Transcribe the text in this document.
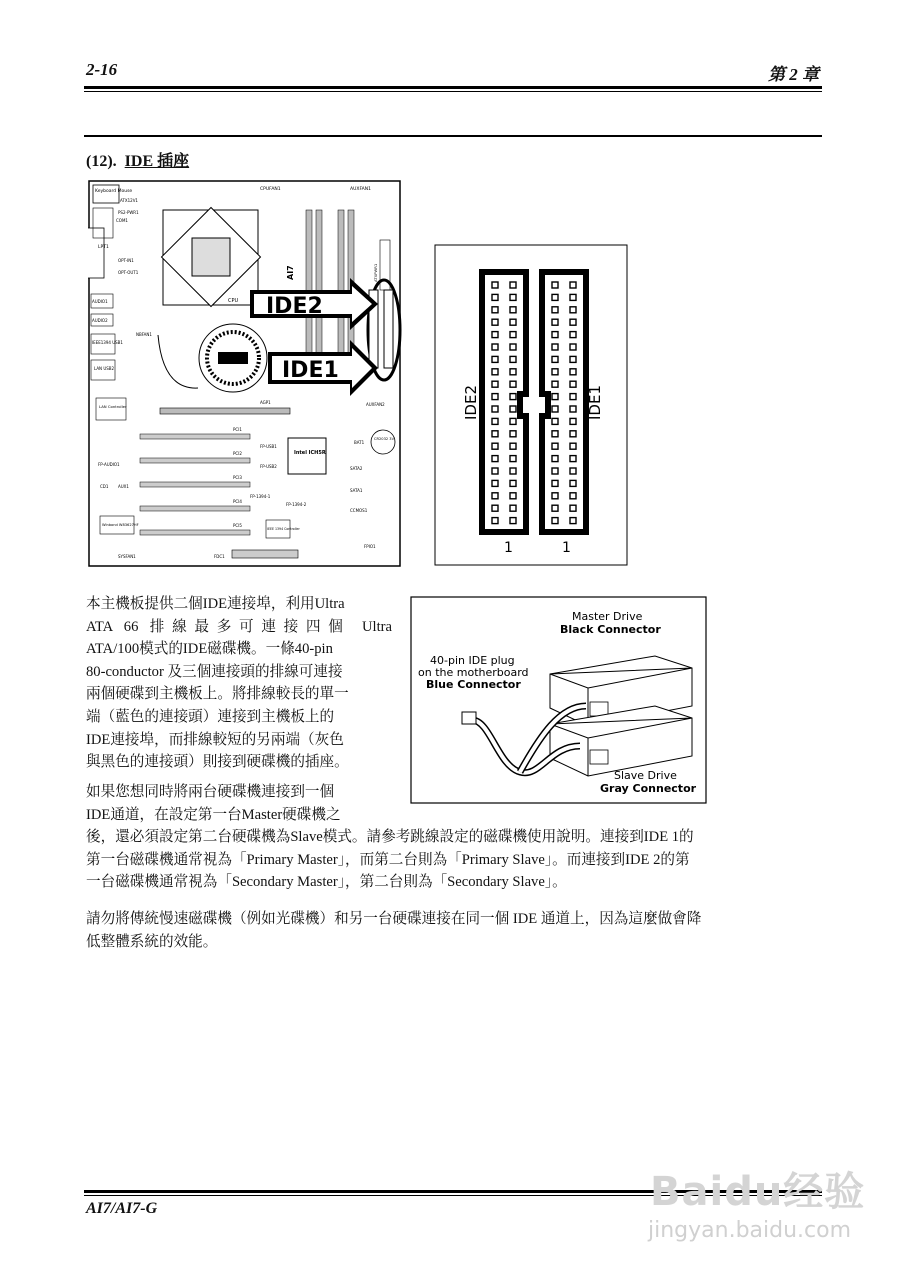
2-16	第 2 章
(12). IDE 插座
Keyboard Mouse
COM1
LPT1
OPT-IN1
OPT-OUT1
ATX12V1
PS2-PWR1
AUDIO1
AUDIO2
IEEE1394 USB1
LAN USB2
CPU
CPUFAN1	AUXFAN1
AI7	ATXPWR1
NBFAN1
IDE2
IDE1
AGP1	AUXFAN2
LAN Controller
PCI1
PCI2
PCI3
PCI4
PCI5
Intel ICH5R
FP-USB1
FP-USB2
CR2032 3V
BAT1
SATA2
SATA1
FP-AUDIO1
CD1 AUX1
FP-1394-1
FP-1394-2
CCMOS1
Winbond W83627HF
IEEE 1394 Controller
SYSFAN1	FDC1
FPIO1
IDE2	IDE1
1	1
Master Drive
Black Connector
40-pin IDE plug
on the motherboard
Blue Connector
Slave Drive
Gray Connector
本主機板提供二個IDE連接埠，利用Ultra
ATA 66 排線最多可連接四個 Ultra
ATA/100模式的IDE磁碟機。一條40-pin
80-conductor 及三個連接頭的排線可連接
兩個硬碟到主機板上。將排線較長的單一
端（藍色的連接頭）連接到主機板上的
IDE連接埠，而排線較短的另兩端（灰色
與黑色的連接頭）則接到硬碟機的插座。
如果您想同時將兩台硬碟機連接到一個
IDE通道，在設定第一台Master硬碟機之
後，還必須設定第二台硬碟機為Slave模式。請參考跳線設定的磁碟機使用說明。連接到IDE 1的
第一台磁碟機通常視為「Primary Master」，而第二台則為「Primary Slave」。而連接到IDE 2的第
一台磁碟機通常視為「Secondary Master」，第二台則為「Secondary Slave」。
請勿將傳統慢速磁碟機（例如光碟機）和另一台硬碟連接在同一個 IDE 通道上，因為這麼做會降
低整體系統的效能。
AI7/AI7-G	Baidu经验
jingyan.baidu.com
